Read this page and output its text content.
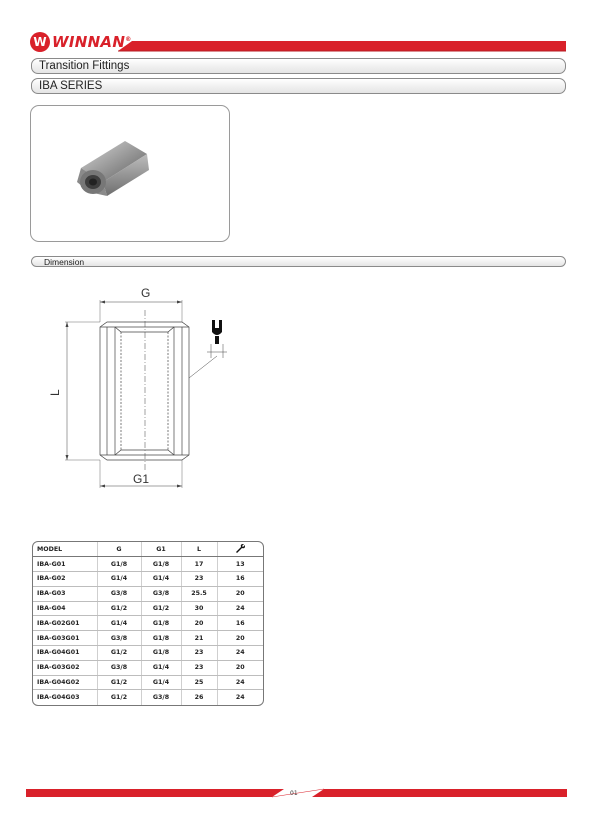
W WINNAN®
Transition Fittings
IBA SERIES
Dimension
G
G1
L
MODEL	G	G1	L	
IBA-G01	G1/8	G1/8	17	13
IBA-G02	G1/4	G1/4	23	16
IBA-G03	G3/8	G3/8	25.5	20
IBA-G04	G1/2	G1/2	30	24
IBA-G02G01	G1/4	G1/8	20	16
IBA-G03G01	G3/8	G1/8	21	20
IBA-G04G01	G1/2	G1/8	23	24
IBA-G03G02	G3/8	G1/4	23	20
IBA-G04G02	G1/2	G1/4	25	24
IBA-G04G03	G1/2	G3/8	26	24
01
